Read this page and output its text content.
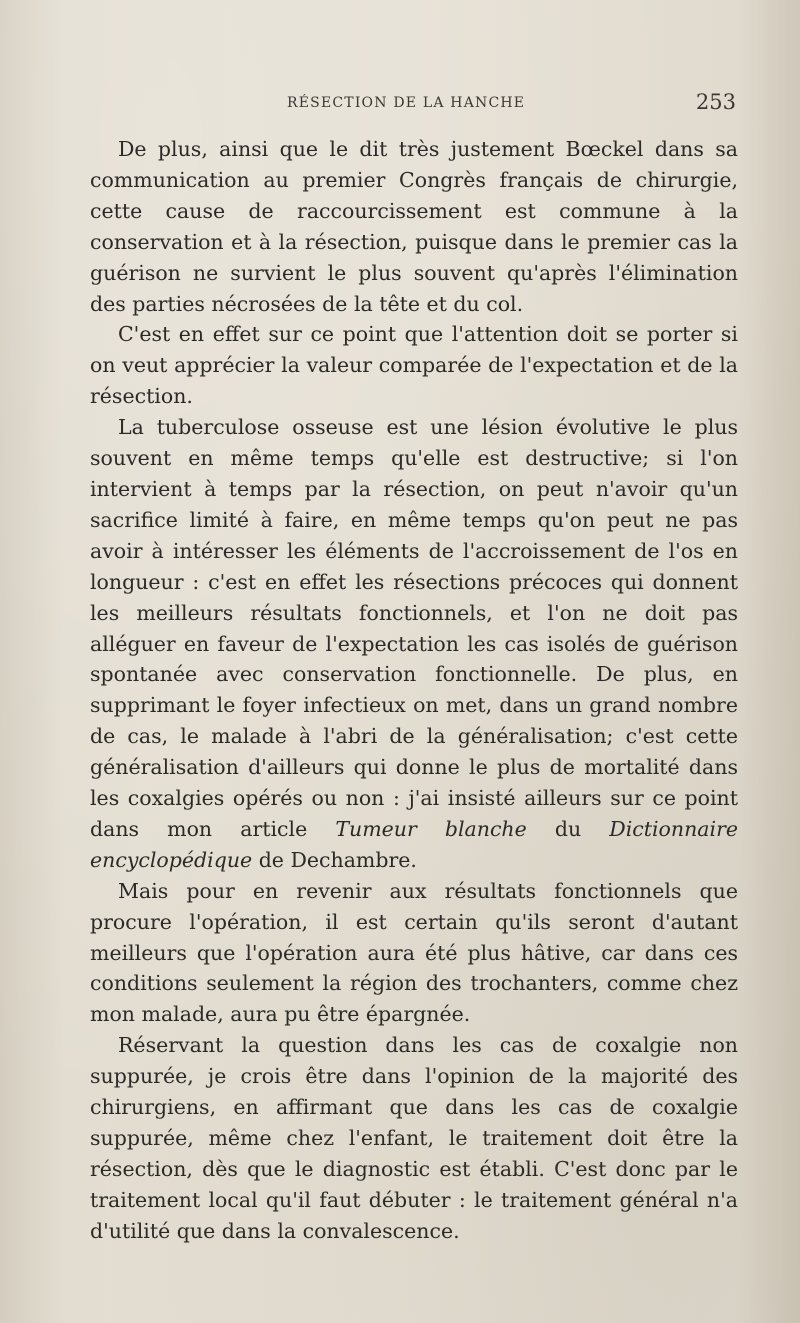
RÉSECTION DE LA HANCHE	253

De plus, ainsi que le dit très justement Bœckel dans sa communication au premier Congrès français de chirurgie, cette cause de raccourcissement est commune à la conservation et à la résection, puisque dans le premier cas la guérison ne survient le plus souvent qu'après l'élimination des parties nécrosées de la tête et du col.

C'est en effet sur ce point que l'attention doit se porter si on veut apprécier la valeur comparée de l'expectation et de la résection.

La tuberculose osseuse est une lésion évolutive le plus souvent en même temps qu'elle est destructive; si l'on intervient à temps par la résection, on peut n'avoir qu'un sacrifice limité à faire, en même temps qu'on peut ne pas avoir à intéresser les éléments de l'accroissement de l'os en longueur : c'est en effet les résections précoces qui donnent les meilleurs résultats fonctionnels, et l'on ne doit pas alléguer en faveur de l'expectation les cas isolés de guérison spontanée avec conservation fonctionnelle. De plus, en supprimant le foyer infectieux on met, dans un grand nombre de cas, le malade à l'abri de la généralisation; c'est cette généralisation d'ailleurs qui donne le plus de mortalité dans les coxalgies opérés ou non : j'ai insisté ailleurs sur ce point dans mon article Tumeur blanche du Dictionnaire encyclopédique de Dechambre.

Mais pour en revenir aux résultats fonctionnels que procure l'opération, il est certain qu'ils seront d'autant meilleurs que l'opération aura été plus hâtive, car dans ces conditions seulement la région des trochanters, comme chez mon malade, aura pu être épargnée.

Réservant la question dans les cas de coxalgie non suppurée, je crois être dans l'opinion de la majorité des chirurgiens, en affirmant que dans les cas de coxalgie suppurée, même chez l'enfant, le traitement doit être la résection, dès que le diagnostic est établi. C'est donc par le traitement local qu'il faut débuter : le traitement général n'a d'utilité que dans la convalescence.
